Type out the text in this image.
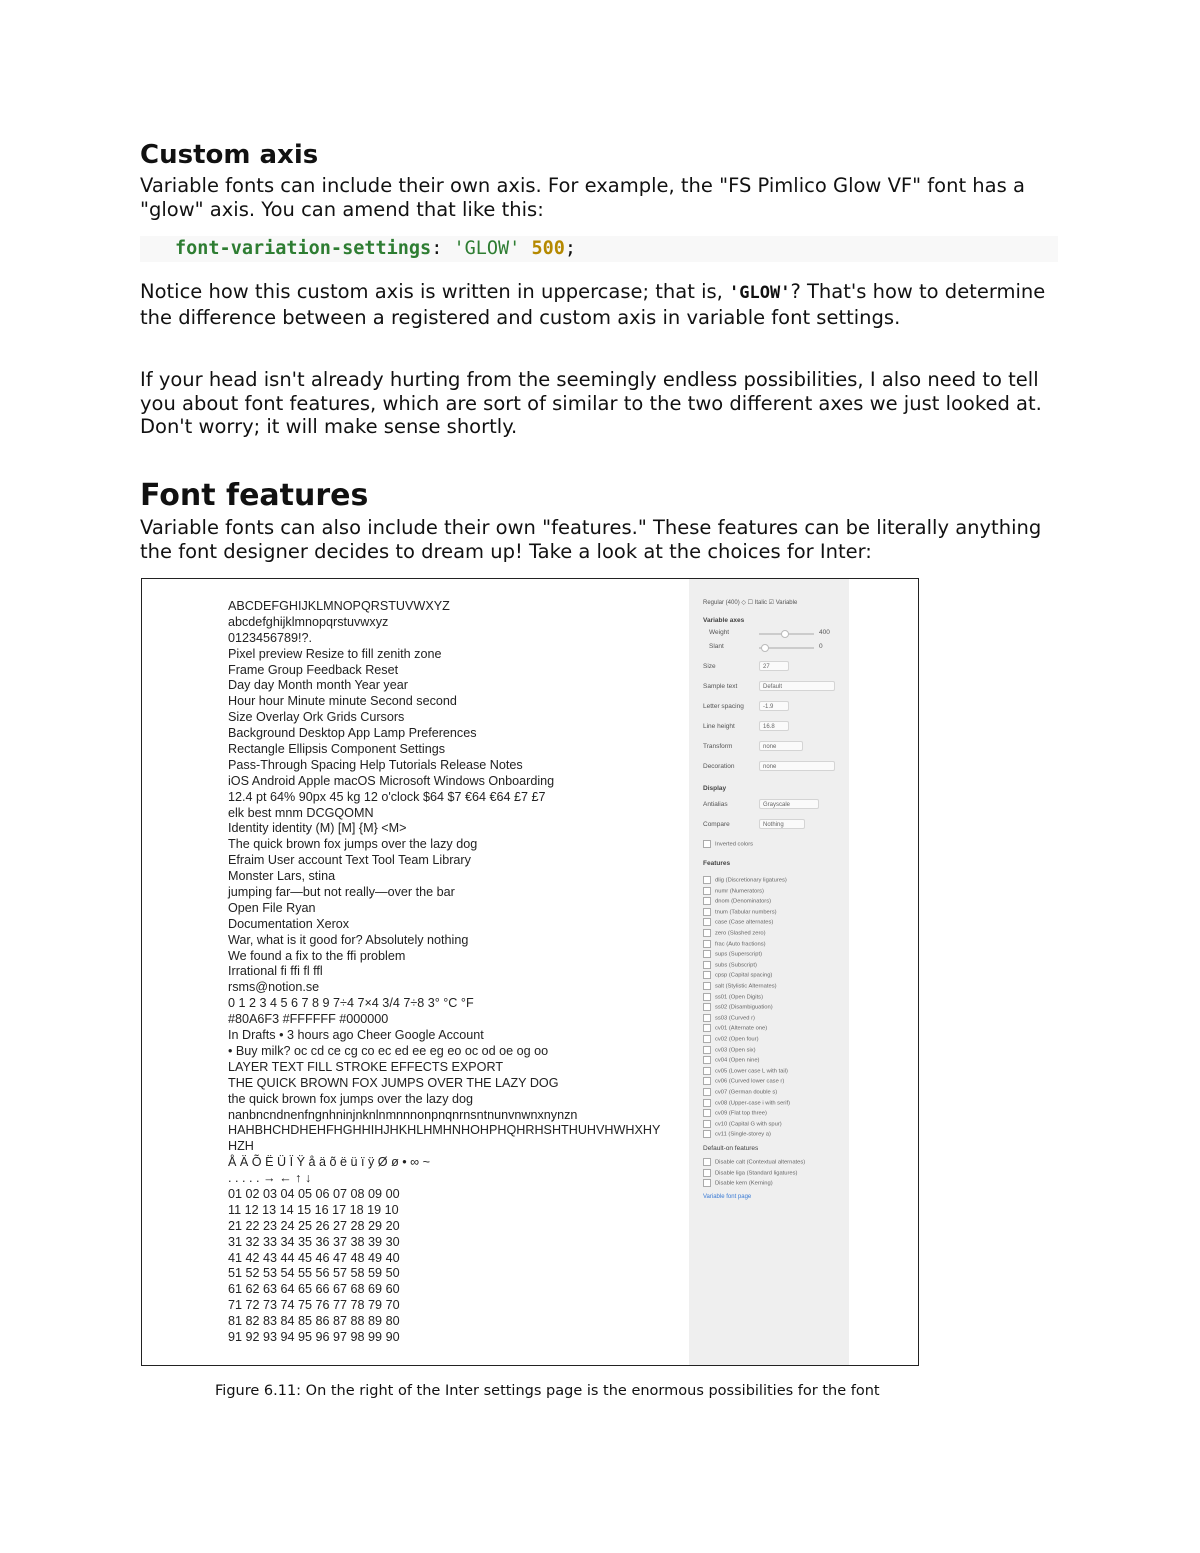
Custom axis

Variable fonts can include their own axis. For example, the "FS Pimlico Glow VF" font has a "glow" axis. You can amend that like this:

font-variation-settings: 'GLOW' 500;

Notice how this custom axis is written in uppercase; that is, 'GLOW'? That's how to determine the difference between a registered and custom axis in variable font settings.

If your head isn't already hurting from the seemingly endless possibilities, I also need to tell you about font features, which are sort of similar to the two different axes we just looked at. Don't worry; it will make sense shortly.

Font features

Variable fonts can also include their own "features." These features can be literally anything the font designer decides to dream up! Take a look at the choices for Inter:

ABCDEFGHIJKLMNOPQRSTUVWXYZ
abcdefghijklmnopqrstuvwxyz
0123456789!?.
Pixel preview Resize to fill zenith zone
Frame Group Feedback Reset
Day day Month month Year year
Hour hour Minute minute Second second
Size Overlay Ork Grids Cursors
Background Desktop App Lamp Preferences
Rectangle Ellipsis Component Settings
Pass-Through Spacing Help Tutorials Release Notes
iOS Android Apple macOS Microsoft Windows Onboarding
12.4 pt 64% 90px 45 kg 12 o'clock $64 $7 €64 €64 £7 £7
elk best mnm DCGQOMN
Identity identity (M) [M] {M} <M>
The quick brown fox jumps over the lazy dog
Efraim User account Text Tool Team Library
Monster Lars, stina
jumping far—but not really—over the bar
Open File Ryan
Documentation Xerox
War, what is it good for? Absolutely nothing
We found a fix to the ffi problem
Irrational fi ffi fl ffl
rsms@notion.se
0 1 2 3 4 5 6 7 8 9 7÷4 7×4 3/4 7÷8 3° °C °F
#80A6F3 #FFFFFF #000000
In Drafts • 3 hours ago Cheer Google Account
• Buy milk? oc cd ce cg co ec ed ee eg eo oc od oe og oo
LAYER TEXT FILL STROKE EFFECTS EXPORT
THE QUICK BROWN FOX JUMPS OVER THE LAZY DOG
the quick brown fox jumps over the lazy dog
nanbncndnenfngnhninjnknlnmnnnonpnqnrnsntnunvnwnxnynzn
HAHBHCHDHEHFHGHHIHJHKHLHMHNHOHPHQHRHSHTHUHVHWHXHY
HZH
Å Ä Õ Ë Ü Ï Ÿ å ä õ ë ü ï ÿ Ø ø • ∞ ~
. . . . . → ← ↑ ↓
01 02 03 04 05 06 07 08 09 00
11 12 13 14 15 16 17 18 19 10
21 22 23 24 25 26 27 28 29 20
31 32 33 34 35 36 37 38 39 30
41 42 43 44 45 46 47 48 49 40
51 52 53 54 55 56 57 58 59 50
61 62 63 64 65 66 67 68 69 60
71 72 73 74 75 76 77 78 79 70
81 82 83 84 85 86 87 88 89 80
91 92 93 94 95 96 97 98 99 90
Regular (400) ◇ ☐ Italic ☑ Variable
Variable axes
Weight	400
Slant	0
Size	27
Sample text	Default
Letter spacing	-1.9
Line height	16.8
Transform	none
Decoration	none
Display
Antialias	Grayscale
Compare	Nothing
Inverted colors
Features
dlig (Discretionary ligatures)
numr (Numerators)
dnom (Denominators)
tnum (Tabular numbers)
case (Case alternates)
zero (Slashed zero)
frac (Auto fractions)
sups (Superscript)
subs (Subscript)
cpsp (Capital spacing)
salt (Stylistic Alternates)
ss01 (Open Digits)
ss02 (Disambiguation)
ss03 (Curved r)
cv01 (Alternate one)
cv02 (Open four)
cv03 (Open six)
cv04 (Open nine)
cv05 (Lower case L with tail)
cv06 (Curved lower case r)
cv07 (German double s)
cv08 (Upper-case i with serif)
cv09 (Flat top three)
cv10 (Capital G with spur)
cv11 (Single-storey a)
Default-on features
Disable calt (Contextual alternates)
Disable liga (Standard ligatures)
Disable kern (Kerning)
Variable font page
Figure 6.11: On the right of the Inter settings page is the enormous possibilities for the font
